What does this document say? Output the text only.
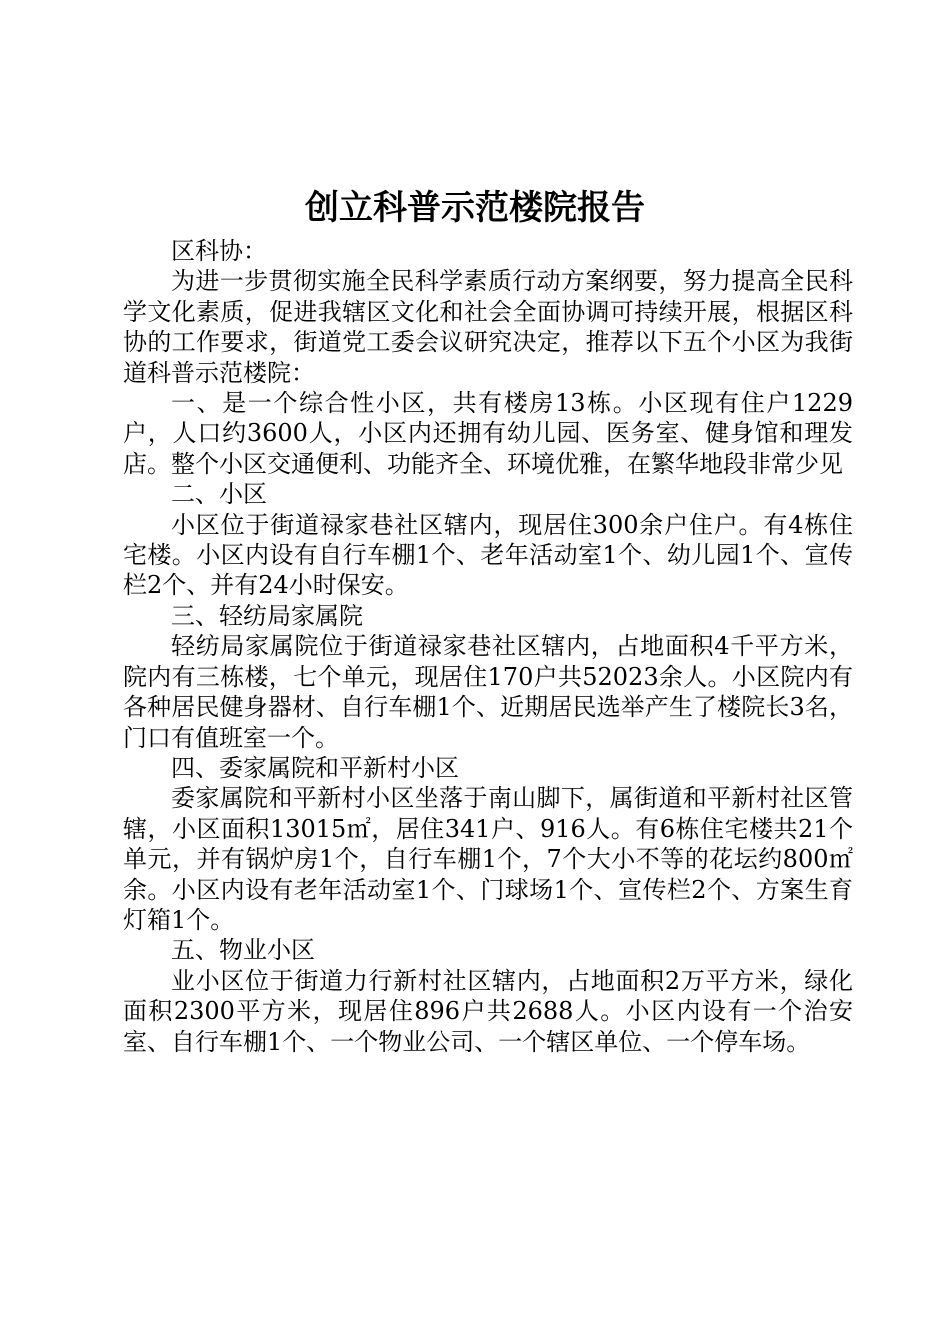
创立科普示范楼院报告

区科协：

为进一步贯彻实施全民科学素质行动方案纲要，努力提高全民科学文化素质，促进我辖区文化和社会全面协调可持续开展，根据区科协的工作要求，街道党工委会议研究决定，推荐以下五个小区为我街道科普示范楼院：

一、是一个综合性小区，共有楼房13栋。小区现有住户1229户，人口约3600人，小区内还拥有幼儿园、医务室、健身馆和理发店。整个小区交通便利、功能齐全、环境优雅，在繁华地段非常少见

二、小区

小区位于街道禄家巷社区辖内，现居住300余户住户。有4栋住宅楼。小区内设有自行车棚1个、老年活动室1个、幼儿园1个、宣传栏2个、并有24小时保安。

三、轻纺局家属院

轻纺局家属院位于街道禄家巷社区辖内，占地面积4千平方米，院内有三栋楼，七个单元，现居住170户共52023余人。小区院内有各种居民健身器材、自行车棚1个、近期居民选举产生了楼院长3名，门口有值班室一个。

四、委家属院和平新村小区

委家属院和平新村小区坐落于南山脚下，属街道和平新村社区管辖，小区面积13015㎡，居住341户、916人。有6栋住宅楼共21个单元，并有锅炉房1个，自行车棚1个，7个大小不等的花坛约800㎡余。小区内设有老年活动室1个、门球场1个、宣传栏2个、方案生育灯箱1个。

五、物业小区

业小区位于街道力行新村社区辖内，占地面积2万平方米，绿化面积2300平方米，现居住896户共2688人。小区内设有一个治安室、自行车棚1个、一个物业公司、一个辖区单位、一个停车场。
